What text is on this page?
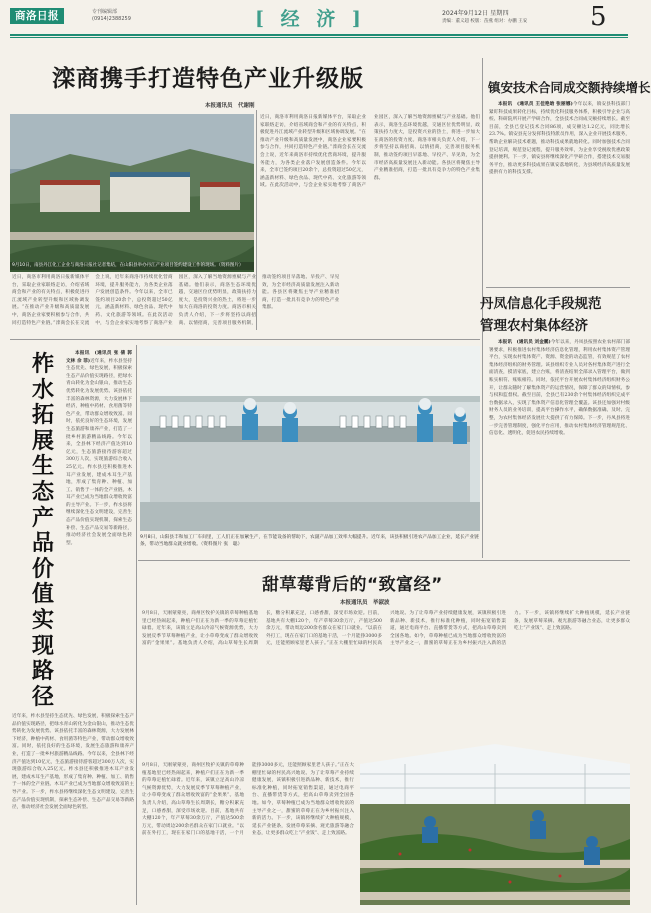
商洛日报	专刊编辑部
(0914)2388259	[ 经 济 ]	2024年9月12日 星期四
责编：董义超 校版：苗燕 组对：办鹏 王安 5
滦商携手打造特色产业升级版
本报通讯员　代谢刚
9月10日，南县丹江化工企业与商洛日报社记者集结，在山阳县举办丹江产业项目签约建设工作的现场。（资料图片）
近日，商洛市利用商洛日报新媒体平台，采取企业家联络走访，介绍省域商会和产业的有关特点，积极促进丹江流域产业转型升级和区域协调发展。“在推动产业升级和高质量发展中，商洛企业家要积极参与合作，共同打造特色产业链。”滦商会长在交流会上说，近年来商洛市持续优化营商环境，提升服务能力，为各类企业落户发展创造条件。今年以来，全市已签约项目20余个，总投资超过50亿元，涵盖新材料、绿色食品、现代中药、文化旅游等领域。在此次活动中，与会企业家实地考察了商洛产业园区，深入了解当地资源禀赋与产业基础。他们表示，商洛生态环境优越，交通区位优势明显，政策扶持力度大，是投资兴业的热土，将进一步加大在商洛的投资力度。商洛市相关负责人介绍，下一步将坚持以商招商、以情招商，完善项目服务机制，推动签约项目早落地、早投产、早见效，为全市经济高质量发展注入新动能。各县区将聚焦主导产业精准招商，打造一批具有竞争力的特色产业集群。
近日，商洛市利用商洛日报新媒体平台，采取企业家联络走访，介绍省域商会和产业的有关特点，积极促进丹江流域产业转型升级和区域协调发展。“在推动产业升级和高质量发展中，商洛企业家要积极参与合作，共同打造特色产业链。”滦商会长在交流会上说，近年来商洛市持续优化营商环境，提升服务能力，为各类企业落户发展创造条件。今年以来，全市已签约项目20余个，总投资超过50亿元，涵盖新材料、绿色食品、现代中药、文化旅游等领域。在此次活动中，与会企业家实地考察了商洛产业园区，深入了解当地资源禀赋与产业基础。他们表示，商洛生态环境优越，交通区位优势明显，政策扶持力度大，是投资兴业的热土，将进一步加大在商洛的投资力度。商洛市相关负责人介绍，下一步将坚持以商招商、以情招商，完善项目服务机制，推动签约项目早落地、早投产、早见效，为全市经济高质量发展注入新动能。各县区将聚焦主导产业精准招商，打造一批具有竞争力的特色产业集群。
镇安技术合同成交额持续增长

本报讯　(通讯员 王佳艳晗 张丽娜)今年以来，镇安县科技部门紧盯科技成果转化目标，持续优化科技服务体系，积极引导企业与高校、科研院所开展产学研合作，全县技术合同成交额持续增长。截至目前，全县已登记技术合同86项，成交额达1.2亿元，同比增长23.7%。镇安县充分发挥科技特派员作用，深入企业开展技术服务，帮助企业解决技术难题，推动科技成果就地转化。同时加强技术合同登记培训，规范登记流程，提升服务效率，为企业享受税收优惠政策提供便利。下一步，镇安县将继续深化产学研合作，搭建技术交易服务平台，推动更多科技成果在镇安落地转化，为县域经济高质量发展提供有力的科技支撑。

丹凤信息化手段规范
管理农村集体经济

本报讯　(通讯员 刘金鹏)今年以来，丹凤县按照农业农村部门部署要求，积极推进农村集体经济信息化管理，利用农村集体资产管理平台，实现农村集体资产、资源、资金的动态监管，有效规范了农村集体经济组织的财务管理。该县组织专业人员对各村集体资产进行全面清查，摸清家底，建立台账，将清查结果全部录入管理平台，做到账实相符、账账相符。同时，依托平台开展农村集体经济组织财务公开，让群众随时了解集体资产的运营情况，保障了群众的知情权、参与权和监督权。截至目前，全县已有230余个村集体经济组织完成平台数据录入，实现了集体资产信息化管理全覆盖。该县还加强对村级财务人员的业务培训，提高平台操作水平，确保数据准确、及时、完整，为农村集体经济发展壮大提供了有力保障。下一步，丹凤县将进一步完善管理制度，强化平台应用，推动农村集体经济管理规范化、信息化、透明化，促进农民持续增收。

柞
水
拓
展
生
态
产
品
价
值
实
现
路
径

本报讯　(通讯员 张 倩 郭文林 佘 菲)近年来，柞水县坚持生态优先、绿色发展，积极探索生态产品价值实现路径，把绿水青山转化为金山银山，推动生态优势转化为发展优势。该县依托丰富的森林资源，大力发展林下经济，种植中药材、食用菌等特色产业，带动群众增收致富。同时，依托良好的生态环境，发展生态旅游和康养产业，打造了一批乡村旅游精品线路。今年以来，全县林下经济产值达到10亿元，生态旅游接待游客超过300万人次，实现旅游综合收入25亿元。柞水县还积极推进木耳产业发展，建成木耳生产基地，形成了集育种、种植、加工、销售于一体的全产业链。木耳产业已成为当地群众增收致富的主导产业。下一步，柞水县将继续深化生态文明建设，完善生态产品价值实现机制，探索生态补偿、生态产品交易等新路径，推动经济社会发展全面绿色转型。

近年来，柞水县坚持生态优先、绿色发展，积极探索生态产品价值实现路径，把绿水青山转化为金山银山，推动生态优势转化为发展优势。该县依托丰富的森林资源，大力发展林下经济，种植中药材、食用菌等特色产业，带动群众增收致富。同时，依托良好的生态环境，发展生态旅游和康养产业，打造了一批乡村旅游精品线路。今年以来，全县林下经济产值达到10亿元，生态旅游接待游客超过300万人次，实现旅游综合收入25亿元。柞水县还积极推进木耳产业发展，建成木耳生产基地，形成了集育种、种植、加工、销售于一体的全产业链。木耳产业已成为当地群众增收致富的主导产业。下一步，柞水县将继续深化生态文明建设，完善生态产品价值实现机制，探索生态补偿、生态产品交易等新路径，推动经济社会发展全面绿色转型。
9月8日，山阳县丰和加工厂车间里，工人们正在加紧生产，在节能设备的帮助下，农副产品加工效率大幅提升。近年来，该县积极引进农产品加工企业，延长产业链条，带动当地群众就业增收。（资料图片 张　聪）
甜草莓背后的“致富经”
本报通讯员　毕淑波
9月8日，天刚蒙蒙亮，商州区牧护关镇的草莓种植基地里已经热闹起来，种植户们正在为新一季的草莓定植忙碌着。近年来，该镇立足高山冷凉气候资源优势，大力发展反季节草莓种植产业，让小草莓变成了群众增收致富的“金果果”。基地负责人介绍，高山草莓生长周期长，糖分积累充足，口感香甜，深受市场欢迎。目前，基地共有大棚120个，年产草莓30余万斤，产值达500余万元，带动周边200余名群众在家门口就业。“以前在外打工，现在在家门口的基地干活，一个月能挣3000多元，还能照顾家里老人孩子。”正在大棚里忙碌的村民高兴地说。为了让草莓产业持续健康发展，该镇积极引进新品种、新技术，推行标准化种植，同时拓宽销售渠道，通过电商平台、直播带货等方式，把高山草莓卖到全国各地。如今，草莓种植已成为当地群众增收致富的主导产业之一，甜蜜的草莓正在为乡村振兴注入新的活力。下一步，该镇将继续扩大种植规模，延长产业链条，发展草莓采摘、观光旅游等融合业态，让更多群众吃上“产业饭”、走上致富路。
9月8日，天刚蒙蒙亮，商州区牧护关镇的草莓种植基地里已经热闹起来，种植户们正在为新一季的草莓定植忙碌着。近年来，该镇立足高山冷凉气候资源优势，大力发展反季节草莓种植产业，让小草莓变成了群众增收致富的“金果果”。基地负责人介绍，高山草莓生长周期长，糖分积累充足，口感香甜，深受市场欢迎。目前，基地共有大棚120个，年产草莓30余万斤，产值达500余万元，带动周边200余名群众在家门口就业。“以前在外打工，现在在家门口的基地干活，一个月能挣3000多元，还能照顾家里老人孩子。”正在大棚里忙碌的村民高兴地说。为了让草莓产业持续健康发展，该镇积极引进新品种、新技术，推行标准化种植，同时拓宽销售渠道，通过电商平台、直播带货等方式，把高山草莓卖到全国各地。如今，草莓种植已成为当地群众增收致富的主导产业之一，甜蜜的草莓正在为乡村振兴注入新的活力。下一步，该镇将继续扩大种植规模，延长产业链条，发展草莓采摘、观光旅游等融合业态，让更多群众吃上“产业饭”、走上致富路。
